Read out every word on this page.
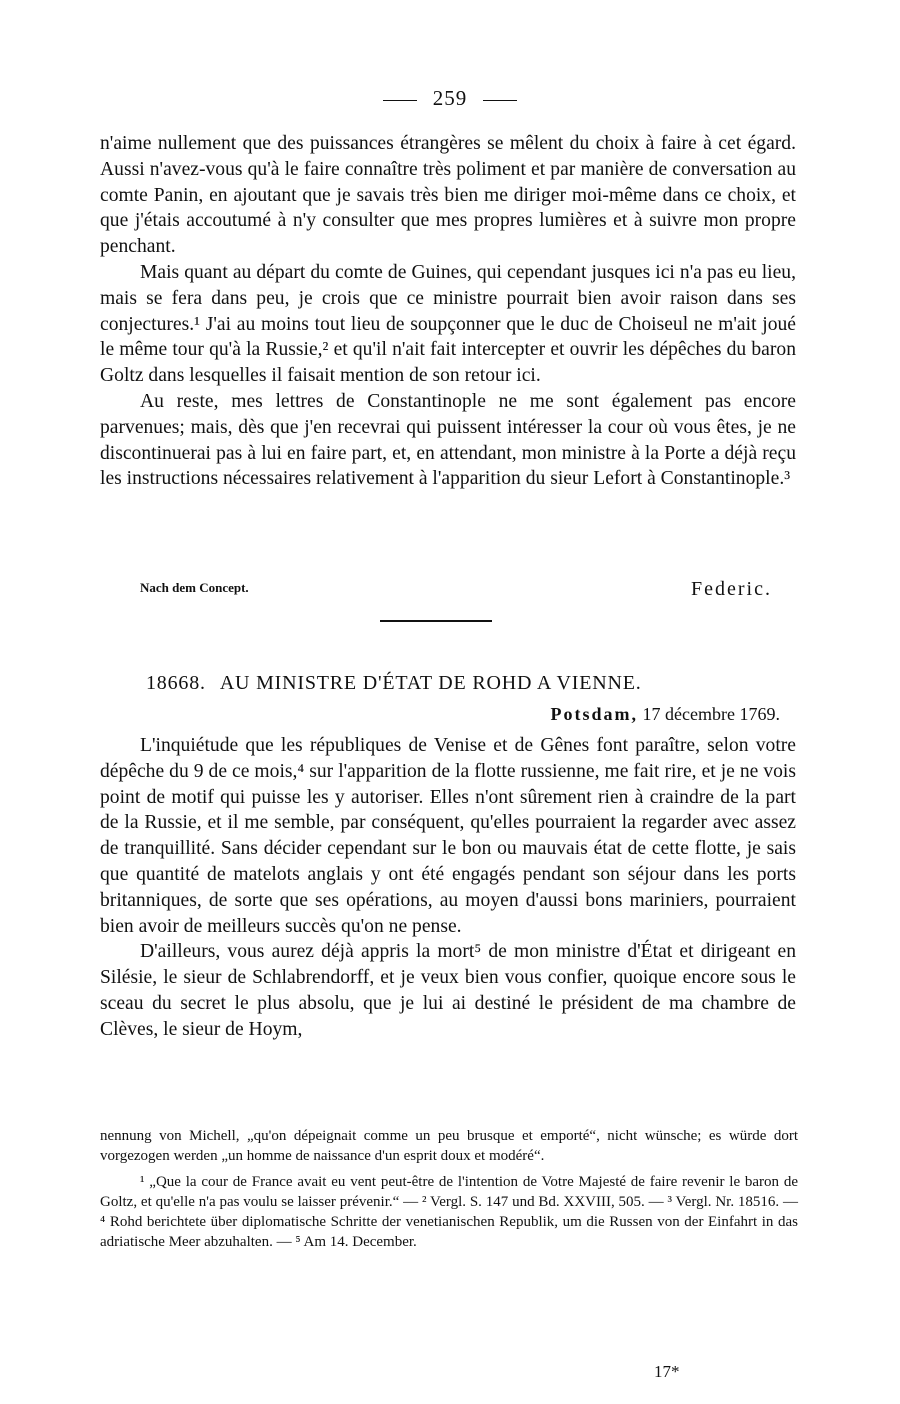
259

n'aime nullement que des puissances étrangères se mêlent du choix à faire à cet égard. Aussi n'avez-vous qu'à le faire connaître très poliment et par manière de conversation au comte Panin, en ajoutant que je savais très bien me diriger moi-même dans ce choix, et que j'étais accoutumé à n'y consulter que mes propres lumières et à suivre mon propre penchant.

Mais quant au départ du comte de Guines, qui cependant jusques ici n'a pas eu lieu, mais se fera dans peu, je crois que ce ministre pourrait bien avoir raison dans ses conjectures.¹ J'ai au moins tout lieu de soupçonner que le duc de Choiseul ne m'ait joué le même tour qu'à la Russie,² et qu'il n'ait fait intercepter et ouvrir les dépêches du baron Goltz dans lesquelles il faisait mention de son retour ici.

Au reste, mes lettres de Constantinople ne me sont également pas encore parvenues; mais, dès que j'en recevrai qui puissent intéresser la cour où vous êtes, je ne discontinuerai pas à lui en faire part, et, en attendant, mon ministre à la Porte a déjà reçu les instructions nécessaires relativement à l'apparition du sieur Lefort à Constantinople.³

Nach dem Concept.	Federic.
18668. AU MINISTRE D'ÉTAT DE ROHD A VIENNE.
Potsdam, 17 décembre 1769.

L'inquiétude que les républiques de Venise et de Gênes font paraître, selon votre dépêche du 9 de ce mois,⁴ sur l'apparition de la flotte russienne, me fait rire, et je ne vois point de motif qui puisse les y autoriser. Elles n'ont sûrement rien à craindre de la part de la Russie, et il me semble, par conséquent, qu'elles pourraient la regarder avec assez de tranquillité. Sans décider cependant sur le bon ou mauvais état de cette flotte, je sais que quantité de matelots anglais y ont été engagés pendant son séjour dans les ports britanniques, de sorte que ses opérations, au moyen d'aussi bons mariniers, pourraient bien avoir de meilleurs succès qu'on ne pense.

D'ailleurs, vous aurez déjà appris la mort⁵ de mon ministre d'État et dirigeant en Silésie, le sieur de Schlabrendorff, et je veux bien vous confier, quoique encore sous le sceau du secret le plus absolu, que je lui ai destiné le président de ma chambre de Clèves, le sieur de Hoym,

nennung von Michell, „qu'on dépeignait comme un peu brusque et emporté“, nicht wünsche; es würde dort vorgezogen werden „un homme de naissance d'un esprit doux et modéré“.

¹ „Que la cour de France avait eu vent peut-être de l'intention de Votre Majesté de faire revenir le baron de Goltz, et qu'elle n'a pas voulu se laisser prévenir.“ — ² Vergl. S. 147 und Bd. XXVIII, 505. — ³ Vergl. Nr. 18516. — ⁴ Rohd berichtete über diplomatische Schritte der venetianischen Republik, um die Russen von der Einfahrt in das adriatische Meer abzuhalten. — ⁵ Am 14. December.

17*
